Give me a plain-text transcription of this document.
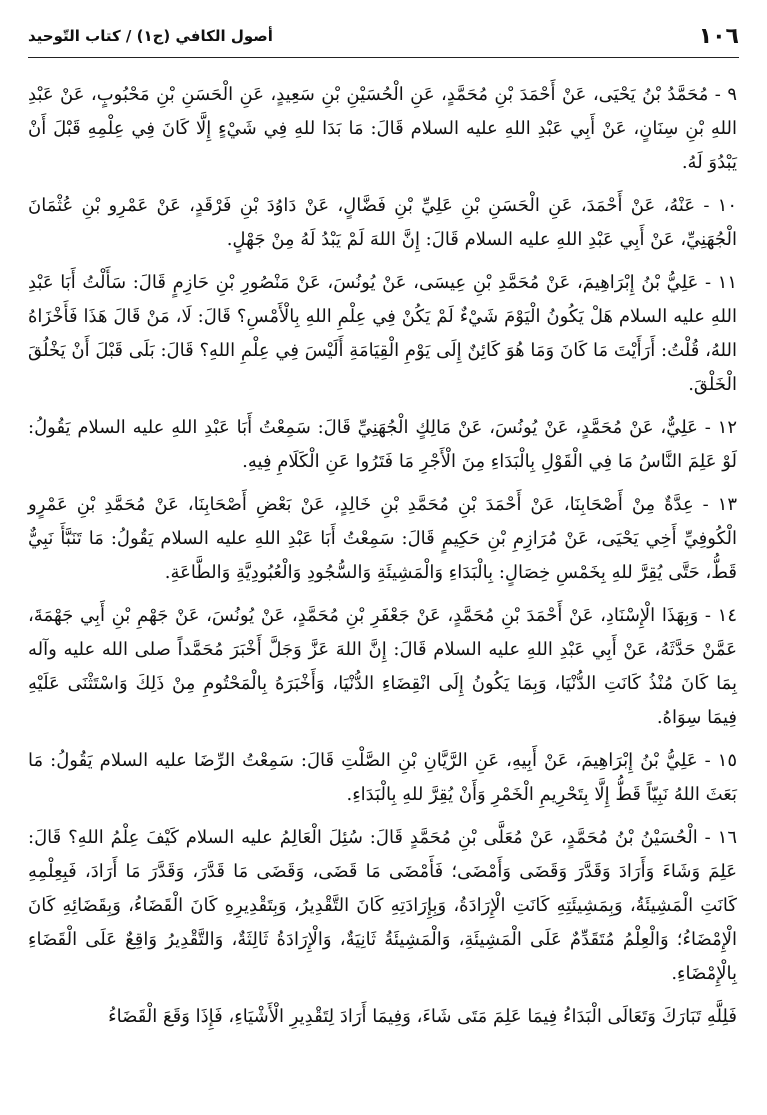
١٠٦
أصول الكافي (ج١) / كتاب التّوحيد

٩ - مُحَمَّدُ بْنُ يَحْيَى، عَنْ أَحْمَدَ بْنِ مُحَمَّدٍ، عَنِ الْحُسَيْنِ بْنِ سَعِيدٍ، عَنِ الْحَسَنِ بْنِ مَحْبُوبٍ، عَنْ عَبْدِ اللهِ بْنِ سِنَانٍ، عَنْ أَبِي عَبْدِ اللهِ عليه السلام قَالَ: مَا بَدَا للهِ فِي شَيْءٍ إِلَّا كَانَ فِي عِلْمِهِ قَبْلَ أَنْ يَبْدُوَ لَهُ.

١٠ - عَنْهُ، عَنْ أَحْمَدَ، عَنِ الْحَسَنِ بْنِ عَلِيِّ بْنِ فَضَّالٍ، عَنْ دَاوُدَ بْنِ فَرْقَدٍ، عَنْ عَمْرِو بْنِ عُثْمَانَ الْجُهَنِيِّ، عَنْ أَبِي عَبْدِ اللهِ عليه السلام قَالَ: إِنَّ اللهَ لَمْ يَبْدُ لَهُ مِنْ جَهْلٍ.

١١ - عَلِيُّ بْنُ إِبْرَاهِيمَ، عَنْ مُحَمَّدِ بْنِ عِيسَى، عَنْ يُونُسَ، عَنْ مَنْصُورِ بْنِ حَازِمٍ قَالَ: سَأَلْتُ أَبَا عَبْدِ اللهِ عليه السلام هَلْ يَكُونُ الْيَوْمَ شَيْءٌ لَمْ يَكُنْ فِي عِلْمِ اللهِ بِالْأَمْسِ؟ قَالَ: لَا، مَنْ قَالَ هَذَا فَأَخْزَاهُ اللهُ، قُلْتُ: أَرَأَيْتَ مَا كَانَ وَمَا هُوَ كَائِنٌ إِلَى يَوْمِ الْقِيَامَةِ أَلَيْسَ فِي عِلْمِ اللهِ؟ قَالَ: بَلَى قَبْلَ أَنْ يَخْلُقَ الْخَلْقَ.

١٢ - عَلِيٌّ، عَنْ مُحَمَّدٍ، عَنْ يُونُسَ، عَنْ مَالِكٍ الْجُهَنِيِّ قَالَ: سَمِعْتُ أَبَا عَبْدِ اللهِ عليه السلام يَقُولُ: لَوْ عَلِمَ النَّاسُ مَا فِي الْقَوْلِ بِالْبَدَاءِ مِنَ الْأَجْرِ مَا فَتَرُوا عَنِ الْكَلَامِ فِيهِ.

١٣ - عِدَّةٌ مِنْ أَصْحَابِنَا، عَنْ أَحْمَدَ بْنِ مُحَمَّدِ بْنِ خَالِدٍ، عَنْ بَعْضِ أَصْحَابِنَا، عَنْ مُحَمَّدِ بْنِ عَمْرٍو الْكُوفِيِّ أَخِي يَحْيَى، عَنْ مُرَازِمِ بْنِ حَكِيمٍ قَالَ: سَمِعْتُ أَبَا عَبْدِ اللهِ عليه السلام يَقُولُ: مَا تَنَبَّأَ نَبِيٌّ قَطُّ، حَتَّى يُقِرَّ للهِ بِخَمْسِ خِصَالٍ: بِالْبَدَاءِ وَالْمَشِيئَةِ وَالسُّجُودِ وَالْعُبُودِيَّةِ وَالطَّاعَةِ.

١٤ - وَبِهَذَا الْإِسْنَادِ، عَنْ أَحْمَدَ بْنِ مُحَمَّدٍ، عَنْ جَعْفَرِ بْنِ مُحَمَّدٍ، عَنْ يُونُسَ، عَنْ جَهْمِ بْنِ أَبِي جَهْمَةَ، عَمَّنْ حَدَّثَهُ، عَنْ أَبِي عَبْدِ اللهِ عليه السلام قَالَ: إِنَّ اللهَ عَزَّ وَجَلَّ أَخْبَرَ مُحَمَّداً صلى الله عليه وآله بِمَا كَانَ مُنْذُ كَانَتِ الدُّنْيَا، وَبِمَا يَكُونُ إِلَى انْقِضَاءِ الدُّنْيَا، وَأَخْبَرَهُ بِالْمَحْتُومِ مِنْ ذَلِكَ وَاسْتَثْنَى عَلَيْهِ فِيمَا سِوَاهُ.

١٥ - عَلِيُّ بْنُ إِبْرَاهِيمَ، عَنْ أَبِيهِ، عَنِ الرَّيَّانِ بْنِ الصَّلْتِ قَالَ: سَمِعْتُ الرِّضَا عليه السلام يَقُولُ: مَا بَعَثَ اللهُ نَبِيّاً قَطُّ إِلَّا بِتَحْرِيمِ الْخَمْرِ وَأَنْ يُقِرَّ للهِ بِالْبَدَاءِ.

١٦ - الْحُسَيْنُ بْنُ مُحَمَّدٍ، عَنْ مُعَلَّى بْنِ مُحَمَّدٍ قَالَ: سُئِلَ الْعَالِمُ عليه السلام كَيْفَ عِلْمُ اللهِ؟ قَالَ: عَلِمَ وَشَاءَ وَأَرَادَ وَقَدَّرَ وَقَضَى وَأَمْضَى؛ فَأَمْضَى مَا قَضَى، وَقَضَى مَا قَدَّرَ، وَقَدَّرَ مَا أَرَادَ، فَبِعِلْمِهِ كَانَتِ الْمَشِيئَةُ، وَبِمَشِيئَتِهِ كَانَتِ الْإِرَادَةُ، وَبِإِرَادَتِهِ كَانَ التَّقْدِيرُ، وَبِتَقْدِيرِهِ كَانَ الْقَضَاءُ، وَبِقَضَائِهِ كَانَ الْإِمْضَاءُ؛ وَالْعِلْمُ مُتَقَدِّمٌ عَلَى الْمَشِيئَةِ، وَالْمَشِيئَةُ ثَانِيَةٌ، وَالْإِرَادَةُ ثَالِثَةٌ، وَالتَّقْدِيرُ وَاقِعٌ عَلَى الْقَضَاءِ بِالْإِمْضَاءِ.

فَلِلَّهِ تَبَارَكَ وَتَعَالَى الْبَدَاءُ فِيمَا عَلِمَ مَتَى شَاءَ، وَفِيمَا أَرَادَ لِتَقْدِيرِ الْأَشْيَاءِ، فَإِذَا وَقَعَ الْقَضَاءُ
